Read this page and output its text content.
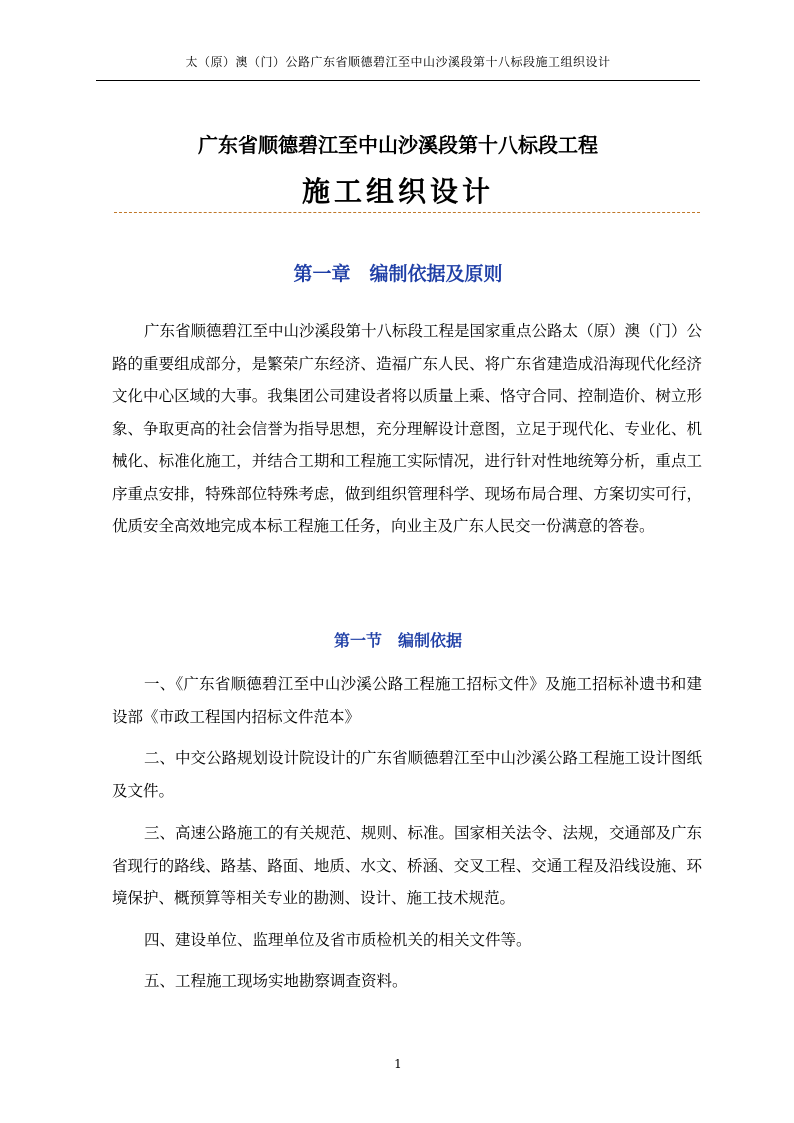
太（原）澳（门）公路广东省顺德碧江至中山沙溪段第十八标段施工组织设计
广东省顺德碧江至中山沙溪段第十八标段工程
施工组织设计
第一章　编制依据及原则

广东省顺德碧江至中山沙溪段第十八标段工程是国家重点公路太（原）澳（门）公路的重要组成部分，是繁荣广东经济、造福广东人民、将广东省建造成沿海现代化经济文化中心区域的大事。我集团公司建设者将以质量上乘、恪守合同、控制造价、树立形象、争取更高的社会信誉为指导思想，充分理解设计意图，立足于现代化、专业化、机械化、标准化施工，并结合工期和工程施工实际情况，进行针对性地统筹分析，重点工序重点安排，特殊部位特殊考虑，做到组织管理科学、现场布局合理、方案切实可行，优质安全高效地完成本标工程施工任务，向业主及广东人民交一份满意的答卷。

第一节　编制依据

一、《广东省顺德碧江至中山沙溪公路工程施工招标文件》及施工招标补遗书和建设部《市政工程国内招标文件范本》

二、中交公路规划设计院设计的广东省顺德碧江至中山沙溪公路工程施工设计图纸及文件。

三、高速公路施工的有关规范、规则、标准。国家相关法令、法规，交通部及广东省现行的路线、路基、路面、地质、水文、桥涵、交叉工程、交通工程及沿线设施、环境保护、概预算等相关专业的勘测、设计、施工技术规范。

四、建设单位、监理单位及省市质检机关的相关文件等。

五、工程施工现场实地勘察调查资料。

1
